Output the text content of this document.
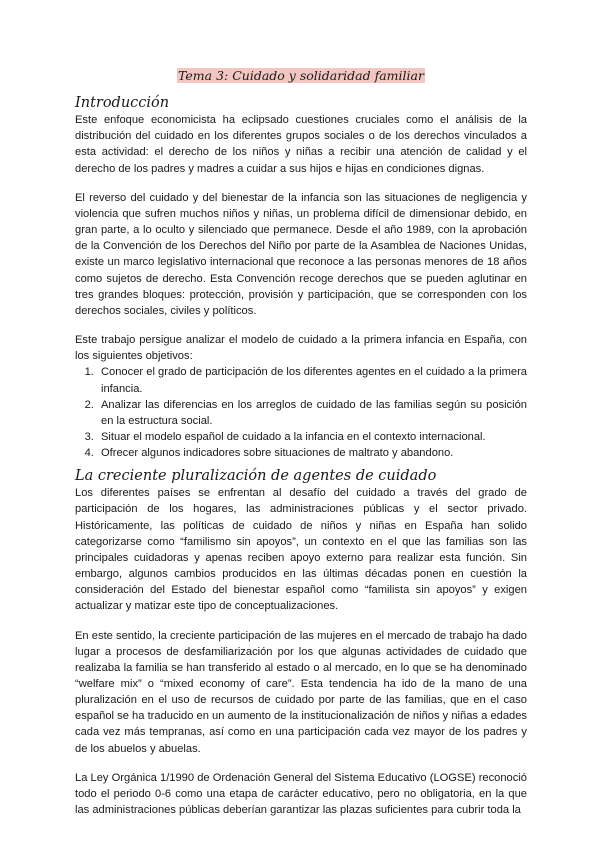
Tema 3: Cuidado y solidaridad familiar
Introducción

Este enfoque economicista ha eclipsado cuestiones cruciales como el análisis de la distribución del cuidado en los diferentes grupos sociales o de los derechos vinculados a esta actividad: el derecho de los niños y niñas a recibir una atención de calidad y el derecho de los padres y madres a cuidar a sus hijos e hijas en condiciones dignas.

El reverso del cuidado y del bienestar de la infancia son las situaciones de negligencia y violencia que sufren muchos niños y niñas, un problema difícil de dimensionar debido, en gran parte, a lo oculto y silenciado que permanece. Desde el año 1989, con la aprobación de la Convención de los Derechos del Niño por parte de la Asamblea de Naciones Unidas, existe un marco legislativo internacional que reconoce a las personas menores de 18 años como sujetos de derecho. Esta Convención recoge derechos que se pueden aglutinar en tres grandes bloques: protección, provisión y participación, que se corresponden con los derechos sociales, civiles y políticos.

Este trabajo persigue analizar el modelo de cuidado a la primera infancia en España, con los siguientes objetivos:

1. Conocer el grado de participación de los diferentes agentes en el cuidado a la primera infancia.
2. Analizar las diferencias en los arreglos de cuidado de las familias según su posición en la estructura social.
3. Situar el modelo español de cuidado a la infancia en el contexto internacional.
4. Ofrecer algunos indicadores sobre situaciones de maltrato y abandono.
La creciente pluralización de agentes de cuidado

Los diferentes países se enfrentan al desafío del cuidado a través del grado de participación de los hogares, las administraciones públicas y el sector privado. Históricamente, las políticas de cuidado de niños y niñas en España han solido categorizarse como “familismo sin apoyos”, un contexto en el que las familias son las principales cuidadoras y apenas reciben apoyo externo para realizar esta función. Sin embargo, algunos cambios producidos en las últimas décadas ponen en cuestión la consideración del Estado del bienestar español como “familista sin apoyos” y exigen actualizar y matizar este tipo de conceptualizaciones.

En este sentido, la creciente participación de las mujeres en el mercado de trabajo ha dado lugar a procesos de desfamiliarización por los que algunas actividades de cuidado que realizaba la familia se han transferido al estado o al mercado, en lo que se ha denominado “welfare mix” o “mixed economy of care”. Esta tendencia ha ido de la mano de una pluralización en el uso de recursos de cuidado por parte de las familias, que en el caso español se ha traducido en un aumento de la institucionalización de niños y niñas a edades cada vez más tempranas, así como en una participación cada vez mayor de los padres y de los abuelos y abuelas.

La Ley Orgánica 1/1990 de Ordenación General del Sistema Educativo (LOGSE) reconoció todo el periodo 0-6 como una etapa de carácter educativo, pero no obligatoria, en la que las administraciones públicas deberían garantizar las plazas suficientes para cubrir toda la
